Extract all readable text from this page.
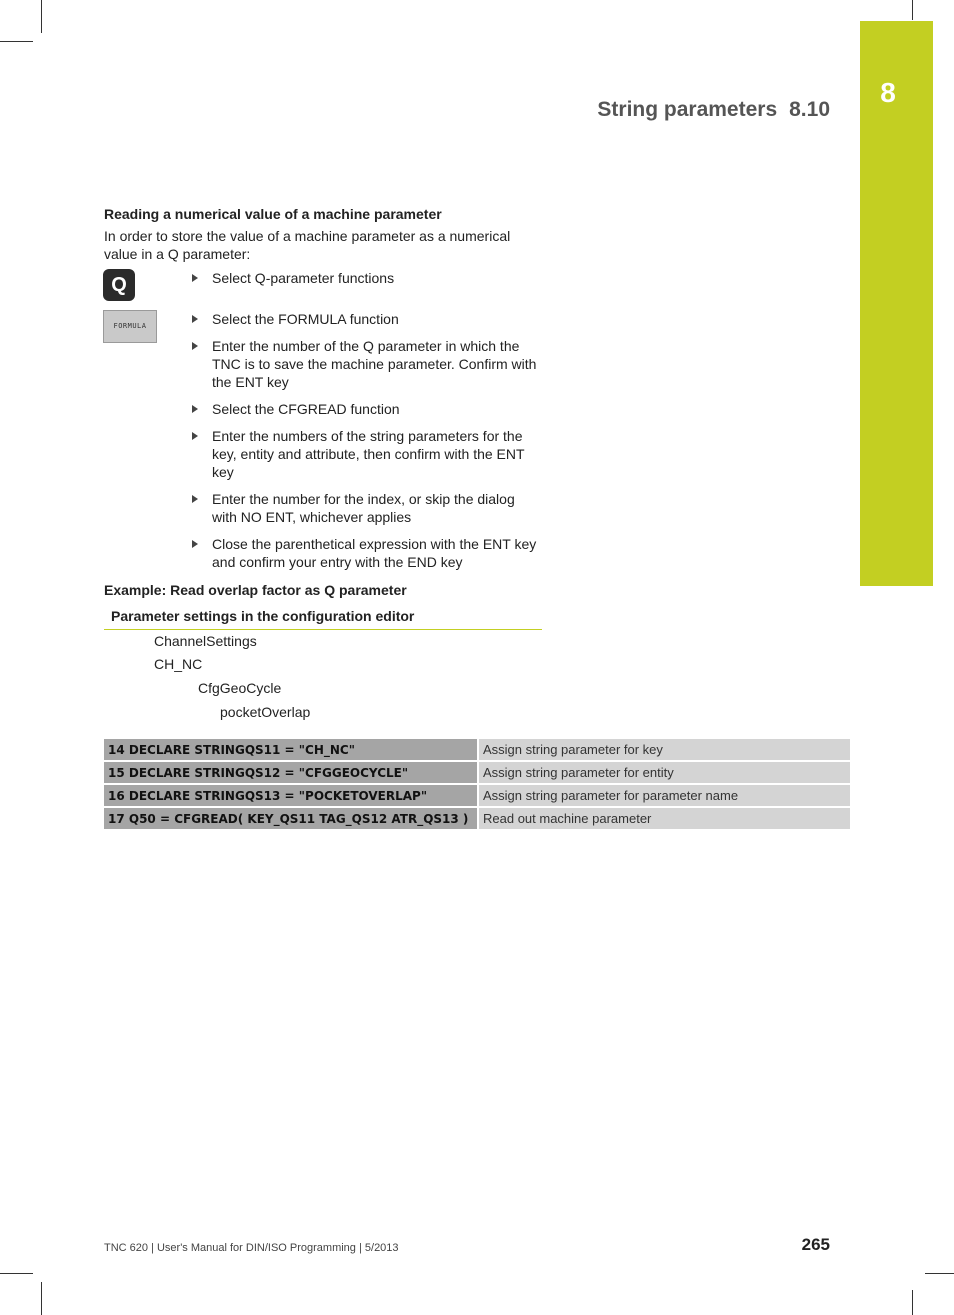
8
String parameters 8.10
Reading a numerical value of a machine parameter
In order to store the value of a machine parameter as a numerical value in a Q parameter:
Q
FORMULA
Select Q-parameter functions
Select the FORMULA function
Enter the number of the Q parameter in which the TNC is to save the machine parameter. Confirm with the ENT key
Select the CFGREAD function
Enter the numbers of the string parameters for the key, entity and attribute, then confirm with the ENT key
Enter the number for the index, or skip the dialog with NO ENT, whichever applies
Close the parenthetical expression with the ENT key and confirm your entry with the END key
Example: Read overlap factor as Q parameter
Parameter settings in the configuration editor
ChannelSettings
CH_NC
CfgGeoCycle
pocketOverlap
14 DECLARE STRINGQS11 = "CH_NC"	Assign string parameter for key
15 DECLARE STRINGQS12 = "CFGGEOCYCLE"	Assign string parameter for entity
16 DECLARE STRINGQS13 = "POCKETOVERLAP"	Assign string parameter for parameter name
17 Q50 = CFGREAD( KEY_QS11 TAG_QS12 ATR_QS13 )	Read out machine parameter
TNC 620 | User's Manual for DIN/ISO Programming | 5/2013	265
